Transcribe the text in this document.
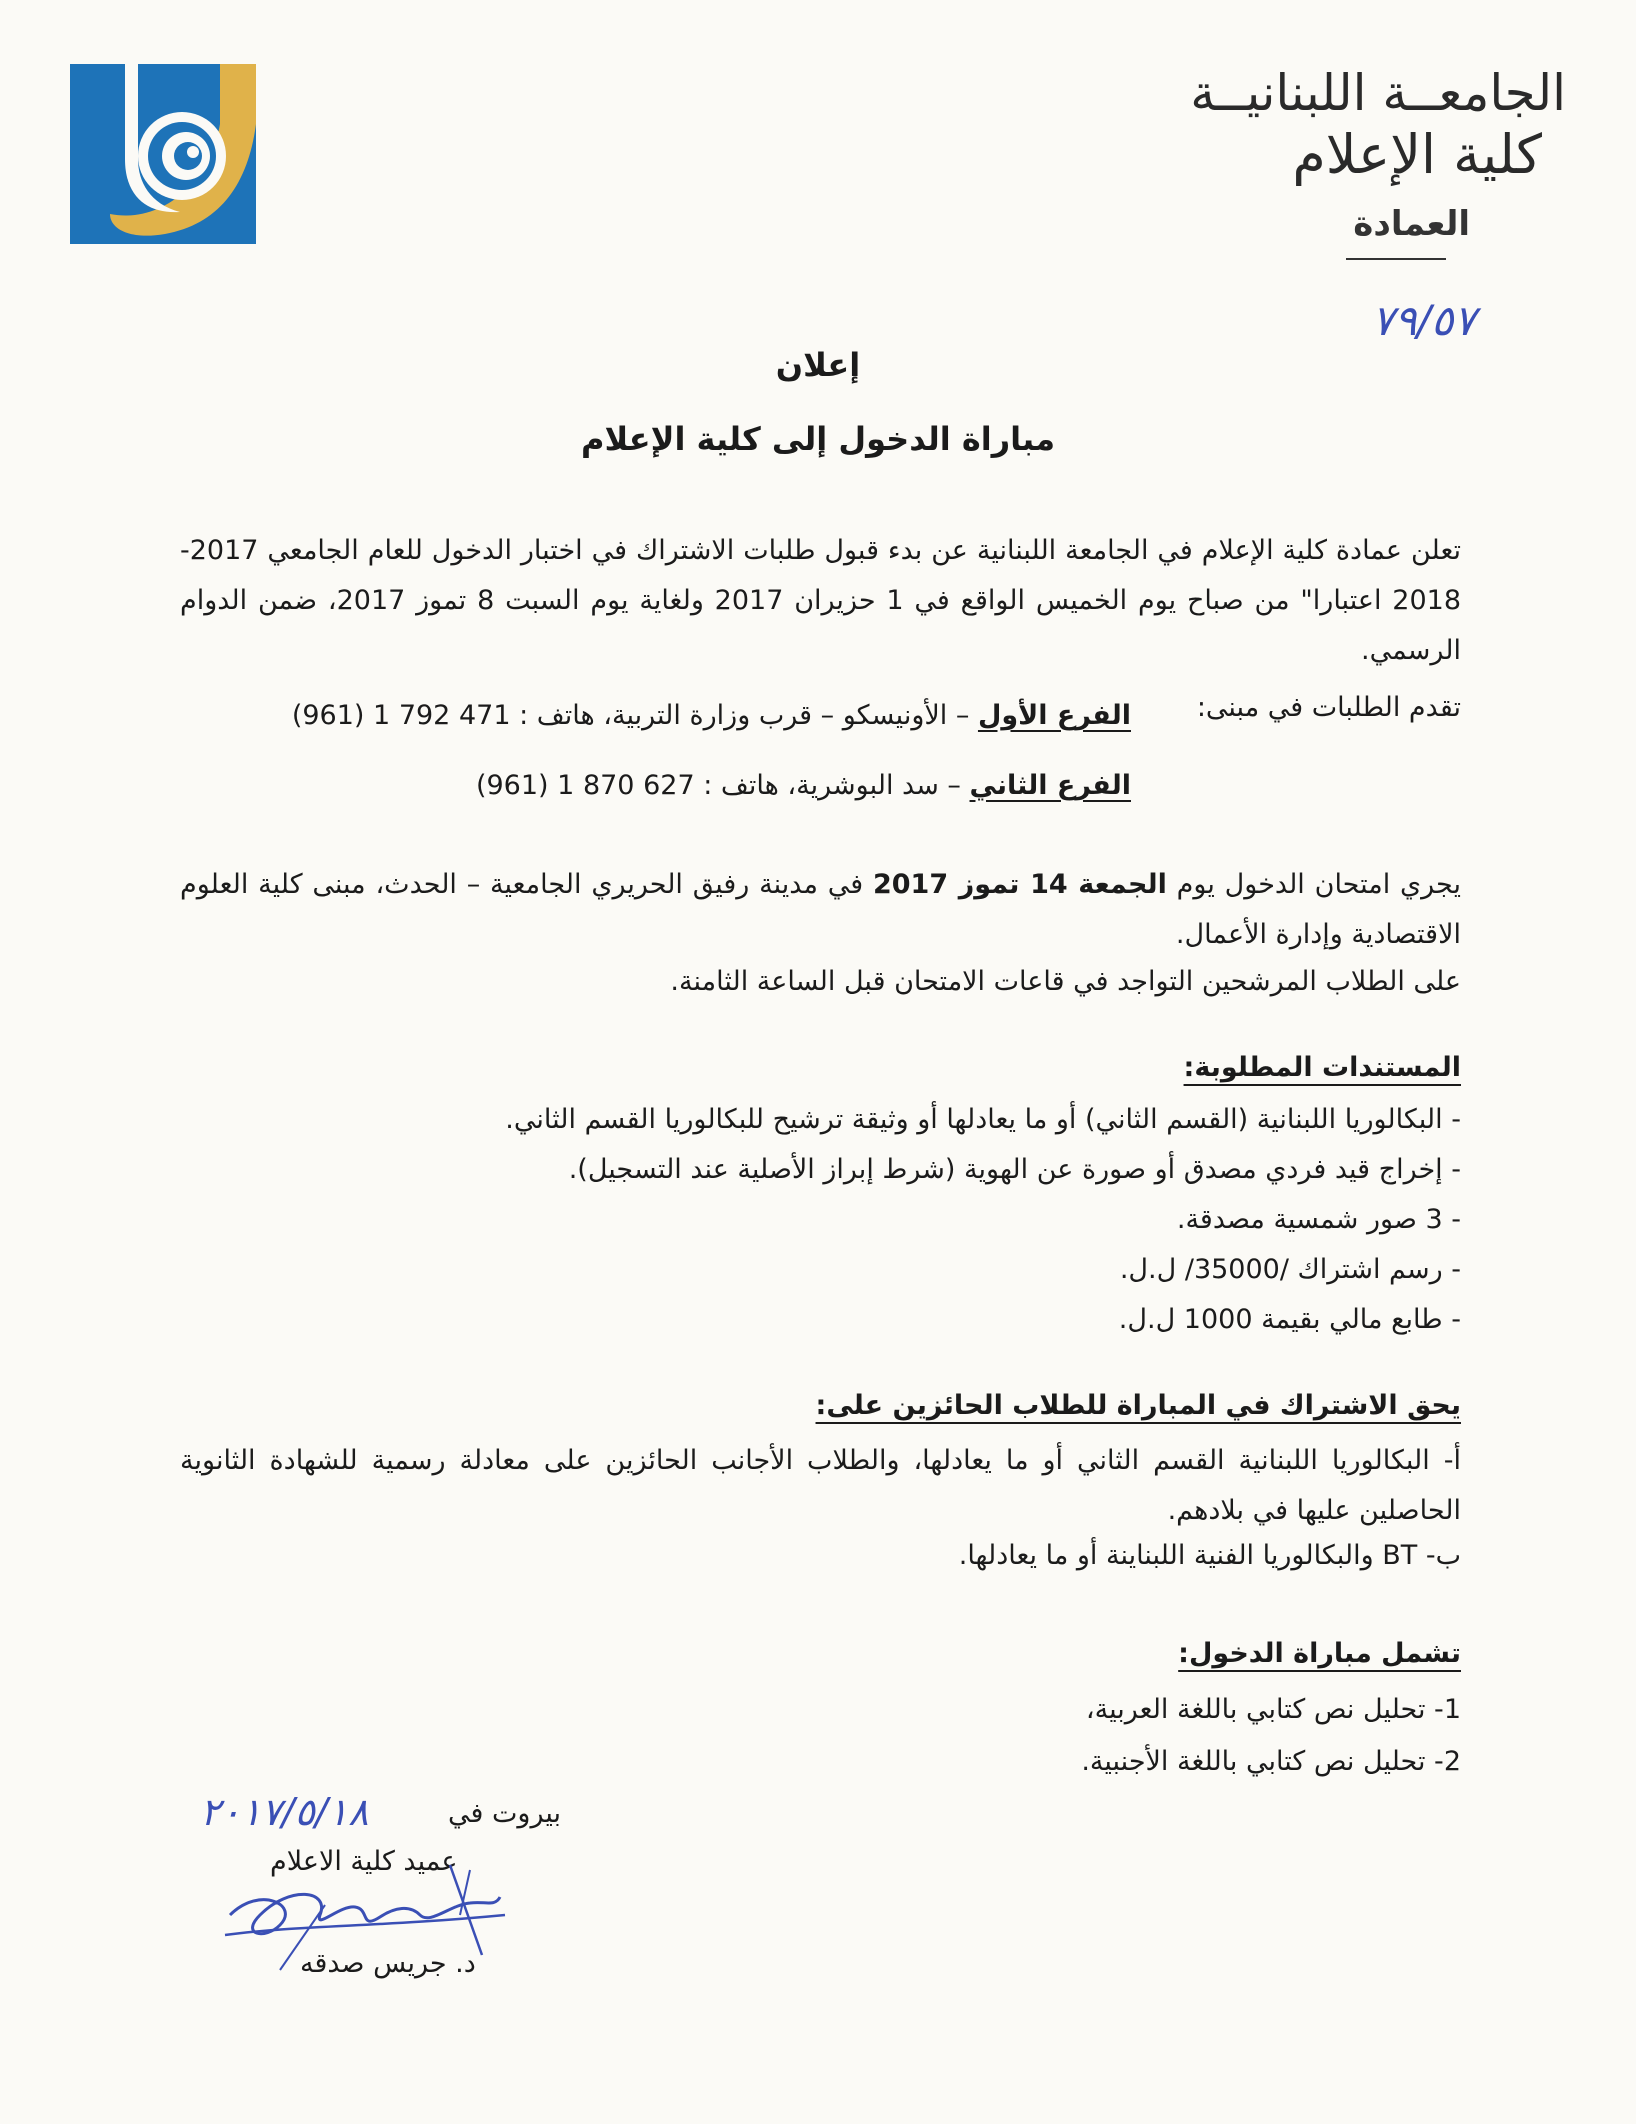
الجامعــة اللبنانيــة
كلية الإعلام
العمادة
٧٩/٥٧
إعلان
مباراة الدخول إلى كلية الإعلام
تعلن عمادة كلية الإعلام في الجامعة اللبنانية عن بدء قبول طلبات الاشتراك في اختبار الدخول للعام الجامعي 2017-2018 اعتبارا" من صباح يوم الخميس الواقع في 1 حزيران 2017 ولغاية يوم السبت 8 تموز 2017، ضمن الدوام الرسمي.
تقدم الطلبات في مبنى:
الفرع الأول – الأونيسكو – قرب وزارة التربية، هاتف : 471 792 1 (961)
الفرع الثاني – سد البوشرية، هاتف : 627 870 1 (961)
يجري امتحان الدخول يوم الجمعة 14 تموز 2017 في مدينة رفيق الحريري الجامعية – الحدث، مبنى كلية العلوم الاقتصادية وإدارة الأعمال.
على الطلاب المرشحين التواجد في قاعات الامتحان قبل الساعة الثامنة.
المستندات المطلوبة:
- البكالوريا اللبنانية (القسم الثاني) أو ما يعادلها أو وثيقة ترشيح للبكالوريا القسم الثاني.
- إخراج قيد فردي مصدق أو صورة عن الهوية (شرط إبراز الأصلية عند التسجيل).
- 3 صور شمسية مصدقة.
- رسم اشتراك /35000/ ل.ل.
- طابع مالي بقيمة 1000 ل.ل.
يحق الاشتراك في المباراة للطلاب الحائزين على:
أ- البكالوريا اللبنانية القسم الثاني أو ما يعادلها، والطلاب الأجانب الحائزين على معادلة رسمية للشهادة الثانوية الحاصلين عليها في بلادهم.
ب- BT والبكالوريا الفنية اللبناينة أو ما يعادلها.
تشمل مباراة الدخول:
1- تحليل نص كتابي باللغة العربية،
2- تحليل نص كتابي باللغة الأجنبية.
بيروت في
٢٠١٧/٥/١٨
عميد كلية الاعلام
د. جريس صدقه
